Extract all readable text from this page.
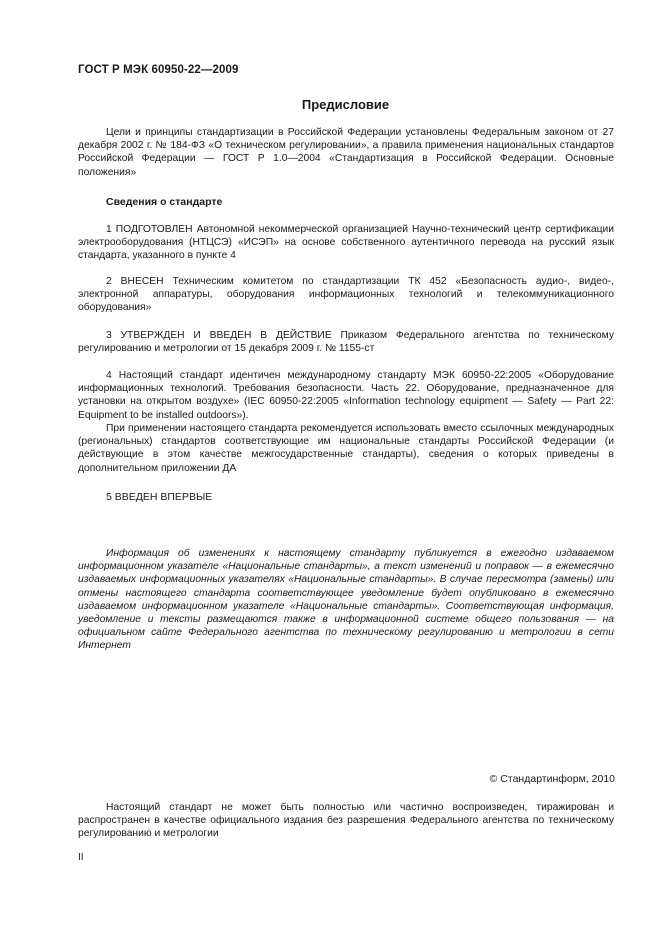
ГОСТ Р МЭК 60950-22—2009
Предисловие

Цели и принципы стандартизации в Российской Федерации установлены Федеральным законом от 27 декабря 2002 г. № 184-ФЗ «О техническом регулировании», а правила применения национальных стандартов Российской Федерации — ГОСТ Р 1.0—2004 «Стандартизация в Российской Федерации. Основные положения»

Сведения о стандарте

1 ПОДГОТОВЛЕН Автономной некоммерческой организацией Научно-технический центр сертификации электрооборудования (НТЦСЭ) «ИСЭП» на основе собственного аутентичного перевода на русский язык стандарта, указанного в пункте 4

2 ВНЕСЕН Техническим комитетом по стандартизации ТК 452 «Безопасность аудио-, видео-, электронной аппаратуры, оборудования информационных технологий и телекоммуникационного оборудования»

3 УТВЕРЖДЕН И ВВЕДЕН В ДЕЙСТВИЕ Приказом Федерального агентства по техническому регулированию и метрологии от 15 декабря 2009 г. № 1155-ст

4 Настоящий стандарт идентичен международному стандарту МЭК 60950-22:2005 «Оборудование информационных технологий. Требования безопасности. Часть 22. Оборудование, предназначенное для установки на открытом воздухе» (IEC 60950-22:2005 «Information technology equipment — Safety — Part 22: Equipment to be installed outdoors»).

При применении настоящего стандарта рекомендуется использовать вместо ссылочных международных (региональных) стандартов соответствующие им национальные стандарты Российской Федерации (и действующие в этом качестве межгосударственные стандарты), сведения о которых приведены в дополнительном приложении ДА

5 ВВЕДЕН ВПЕРВЫЕ

Информация об изменениях к настоящему стандарту публикуется в ежегодно издаваемом информационном указателе «Национальные стандарты», а текст изменений и поправок — в ежемесячно издаваемых информационных указателях «Национальные стандарты». В случае пересмотра (замены) или отмены настоящего стандарта соответствующее уведомление будет опубликовано в ежемесячно издаваемом информационном указателе «Национальные стандарты». Соответствующая информация, уведомление и тексты размещаются также в информационной системе общего пользования — на официальном сайте Федерального агентства по техническому регулированию и метрологии в сети Интернет

© Стандартинформ, 2010

Настоящий стандарт не может быть полностью или частично воспроизведен, тиражирован и распространен в качестве официального издания без разрешения Федерального агентства по техническому регулированию и метрологии

II
